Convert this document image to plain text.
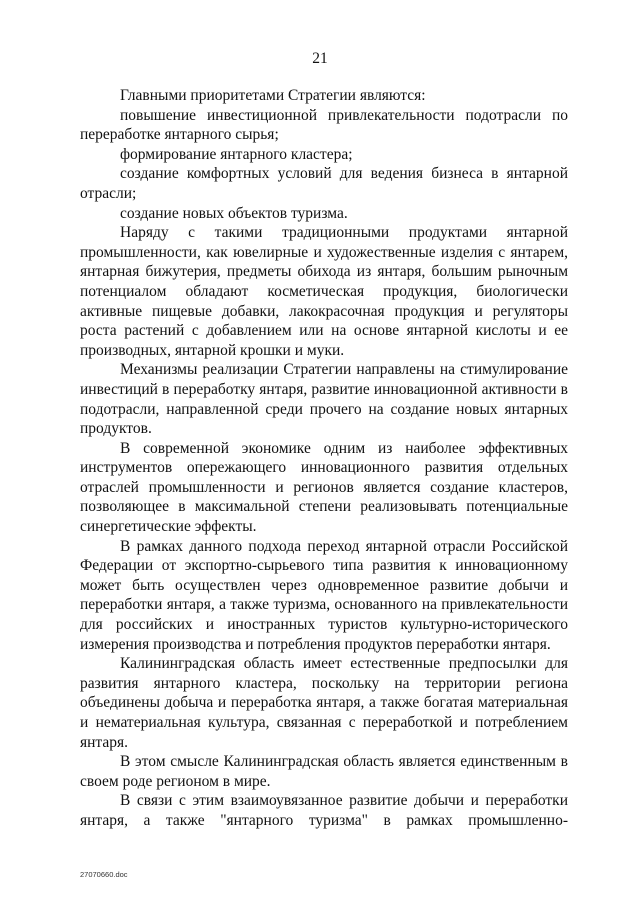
21

Главными приоритетами Стратегии являются:

повышение инвестиционной привлекательности подотрасли по переработке янтарного сырья;

формирование янтарного кластера;

создание комфортных условий для ведения бизнеса в янтарной отрасли;

создание новых объектов туризма.

Наряду с такими традиционными продуктами янтарной промышленности, как ювелирные и художественные изделия с янтарем, янтарная бижутерия, предметы обихода из янтаря, большим рыночным потенциалом обладают косметическая продукция, биологически активные пищевые добавки, лакокрасочная продукция и регуляторы роста растений с добавлением или на основе янтарной кислоты и ее производных, янтарной крошки и муки.

Механизмы реализации Стратегии направлены на стимулирование инвестиций в переработку янтаря, развитие инновационной активности в подотрасли, направленной среди прочего на создание новых янтарных продуктов.

В современной экономике одним из наиболее эффективных инструментов опережающего инновационного развития отдельных отраслей промышленности и регионов является создание кластеров, позволяющее в максимальной степени реализовывать потенциальные синергетические эффекты.

В рамках данного подхода переход янтарной отрасли Российской Федерации от экспортно-сырьевого типа развития к инновационному может быть осуществлен через одновременное развитие добычи и переработки янтаря, а также туризма, основанного на привлекательности для российских и иностранных туристов культурно-исторического измерения производства и потребления продуктов переработки янтаря.

Калининградская область имеет естественные предпосылки для развития янтарного кластера, поскольку на территории региона объединены добыча и переработка янтаря, а также богатая материальная и нематериальная культура, связанная с переработкой и потреблением янтаря.

В этом смысле Калининградская область является единственным в своем роде регионом в мире.

В связи с этим взаимоувязанное развитие добычи и переработки янтаря, а также "янтарного туризма" в рамках промышленно-

27070660.doc
